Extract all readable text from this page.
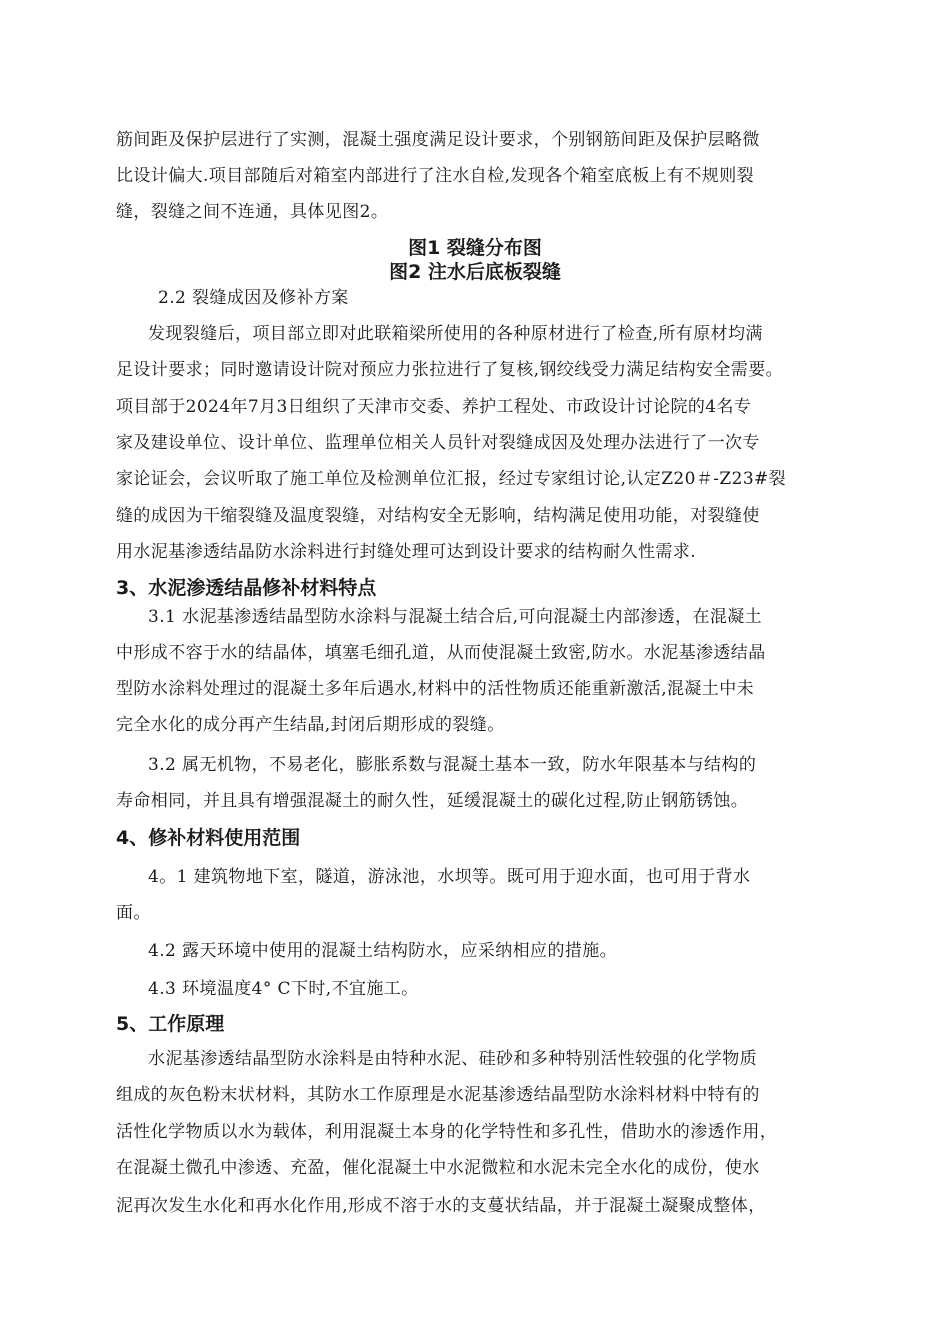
筋间距及保护层进行了实测，混凝土强度满足设计要求，个别钢筋间距及保护层略微
比设计偏大.项目部随后对箱室内部进行了注水自检,发现各个箱室底板上有不规则裂
缝，裂缝之间不连通，具体见图2。
图1 裂缝分布图
图2 注水后底板裂缝
2.2 裂缝成因及修补方案
发现裂缝后，项目部立即对此联箱梁所使用的各种原材进行了检查,所有原材均满
足设计要求；同时邀请设计院对预应力张拉进行了复核,钢绞线受力满足结构安全需要。
项目部于2024年7月3日组织了天津市交委、养护工程处、市政设计讨论院的4名专
家及建设单位、设计单位、监理单位相关人员针对裂缝成因及处理办法进行了一次专
家论证会，会议听取了施工单位及检测单位汇报，经过专家组讨论,认定Z20＃-Z23#裂
缝的成因为干缩裂缝及温度裂缝，对结构安全无影响，结构满足使用功能，对裂缝使
用水泥基渗透结晶防水涂料进行封缝处理可达到设计要求的结构耐久性需求.
3、水泥渗透结晶修补材料特点
3.1 水泥基渗透结晶型防水涂料与混凝土结合后,可向混凝土内部渗透，在混凝土
中形成不容于水的结晶体，填塞毛细孔道，从而使混凝土致密,防水。水泥基渗透结晶
型防水涂料处理过的混凝土多年后遇水,材料中的活性物质还能重新激活,混凝土中未
完全水化的成分再产生结晶,封闭后期形成的裂缝。
3.2 属无机物，不易老化，膨胀系数与混凝土基本一致，防水年限基本与结构的
寿命相同，并且具有增强混凝土的耐久性，延缓混凝土的碳化过程,防止钢筋锈蚀。
4、修补材料使用范围
4。1 建筑物地下室，隧道，游泳池，水坝等。既可用于迎水面，也可用于背水
面。
4.2 露天环境中使用的混凝土结构防水，应采纳相应的措施。
4.3 环境温度4° C下时,不宜施工。
5、工作原理
水泥基渗透结晶型防水涂料是由特种水泥、硅砂和多种特别活性较强的化学物质
组成的灰色粉末状材料，其防水工作原理是水泥基渗透结晶型防水涂料材料中特有的
活性化学物质以水为载体，利用混凝土本身的化学特性和多孔性，借助水的渗透作用，
在混凝土微孔中渗透、充盈，催化混凝土中水泥微粒和水泥未完全水化的成份，使水
泥再次发生水化和再水化作用,形成不溶于水的支蔓状结晶，并于混凝土凝聚成整体，
